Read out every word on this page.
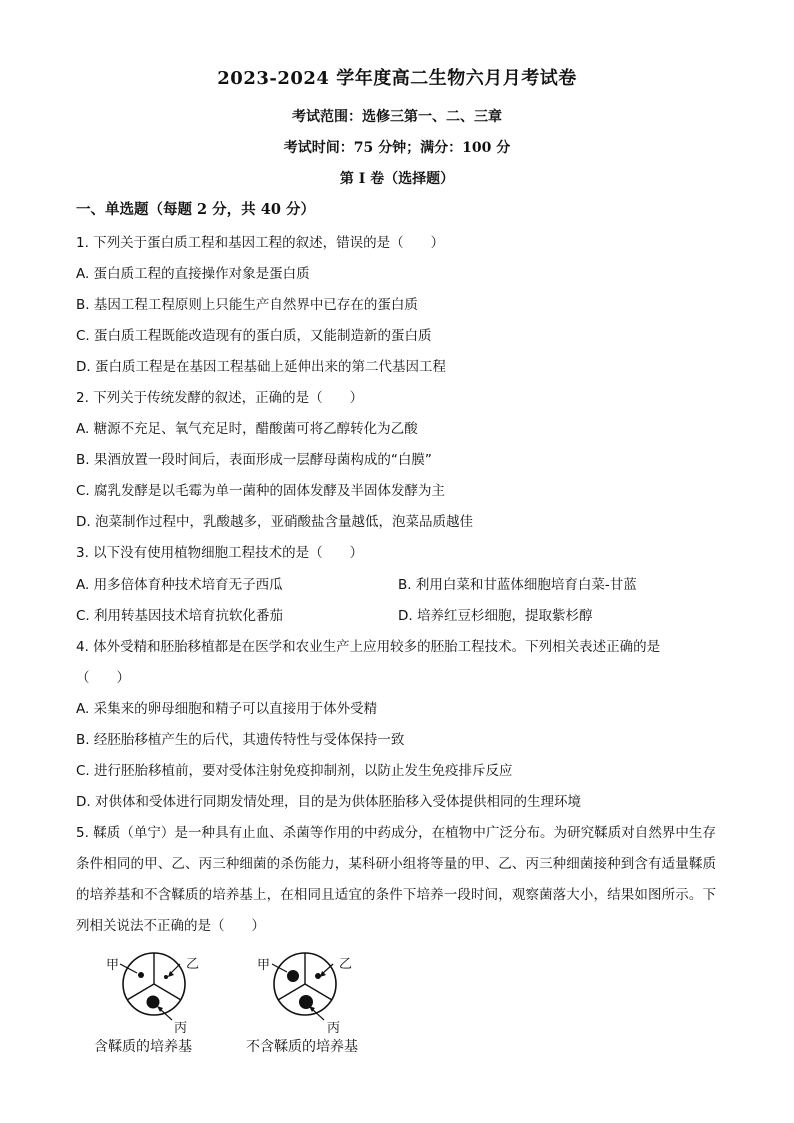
2023-2024 学年度高二生物六月月考试卷
考试范围：选修三第一、二、三章
考试时间：75 分钟；满分：100 分
第 I 卷（选择题）
一、单选题（每题 2 分，共 40 分）
1. 下列关于蛋白质工程和基因工程的叙述，错误的是（　　）
A. 蛋白质工程的直接操作对象是蛋白质
B. 基因工程工程原则上只能生产自然界中已存在的蛋白质
C. 蛋白质工程既能改造现有的蛋白质，又能制造新的蛋白质
D. 蛋白质工程是在基因工程基础上延伸出来的第二代基因工程
2. 下列关于传统发酵的叙述，正确的是（　　）
A. 糖源不充足、氧气充足时，醋酸菌可将乙醇转化为乙酸
B. 果酒放置一段时间后，表面形成一层酵母菌构成的“白膜”
C. 腐乳发酵是以毛霉为单一菌种的固体发酵及半固体发酵为主
D. 泡菜制作过程中，乳酸越多，亚硝酸盐含量越低，泡菜品质越佳
3. 以下没有使用植物细胞工程技术的是（　　）
A. 用多倍体育种技术培育无子西瓜	B. 利用白菜和甘蓝体细胞培育白菜-甘蓝
C. 利用转基因技术培育抗软化番茄	D. 培养红豆杉细胞，提取紫杉醇
4. 体外受精和胚胎移植都是在医学和农业生产上应用较多的胚胎工程技术。下列相关表述正确的是
（　　）
A. 采集来的卵母细胞和精子可以直接用于体外受精
B. 经胚胎移植产生的后代，其遗传特性与受体保持一致
C. 进行胚胎移植前，要对受体注射免疫抑制剂，以防止发生免疫排斥反应
D. 对供体和受体进行同期发情处理，目的是为供体胚胎移入受体提供相同的生理环境
5. 鞣质（单宁）是一种具有止血、杀菌等作用的中药成分，在植物中广泛分布。为研究鞣质对自然界中生存条件相同的甲、乙、丙三种细菌的杀伤能力，某科研小组将等量的甲、乙、丙三种细菌接种到含有适量鞣质的培养基和不含鞣质的培养基上，在相同且适宜的条件下培养一段时间，观察菌落大小，结果如图所示。下列相关说法不正确的是（　　）
甲	乙
丙
甲	乙
丙
含鞣质的培养基	不含鞣质的培养基
